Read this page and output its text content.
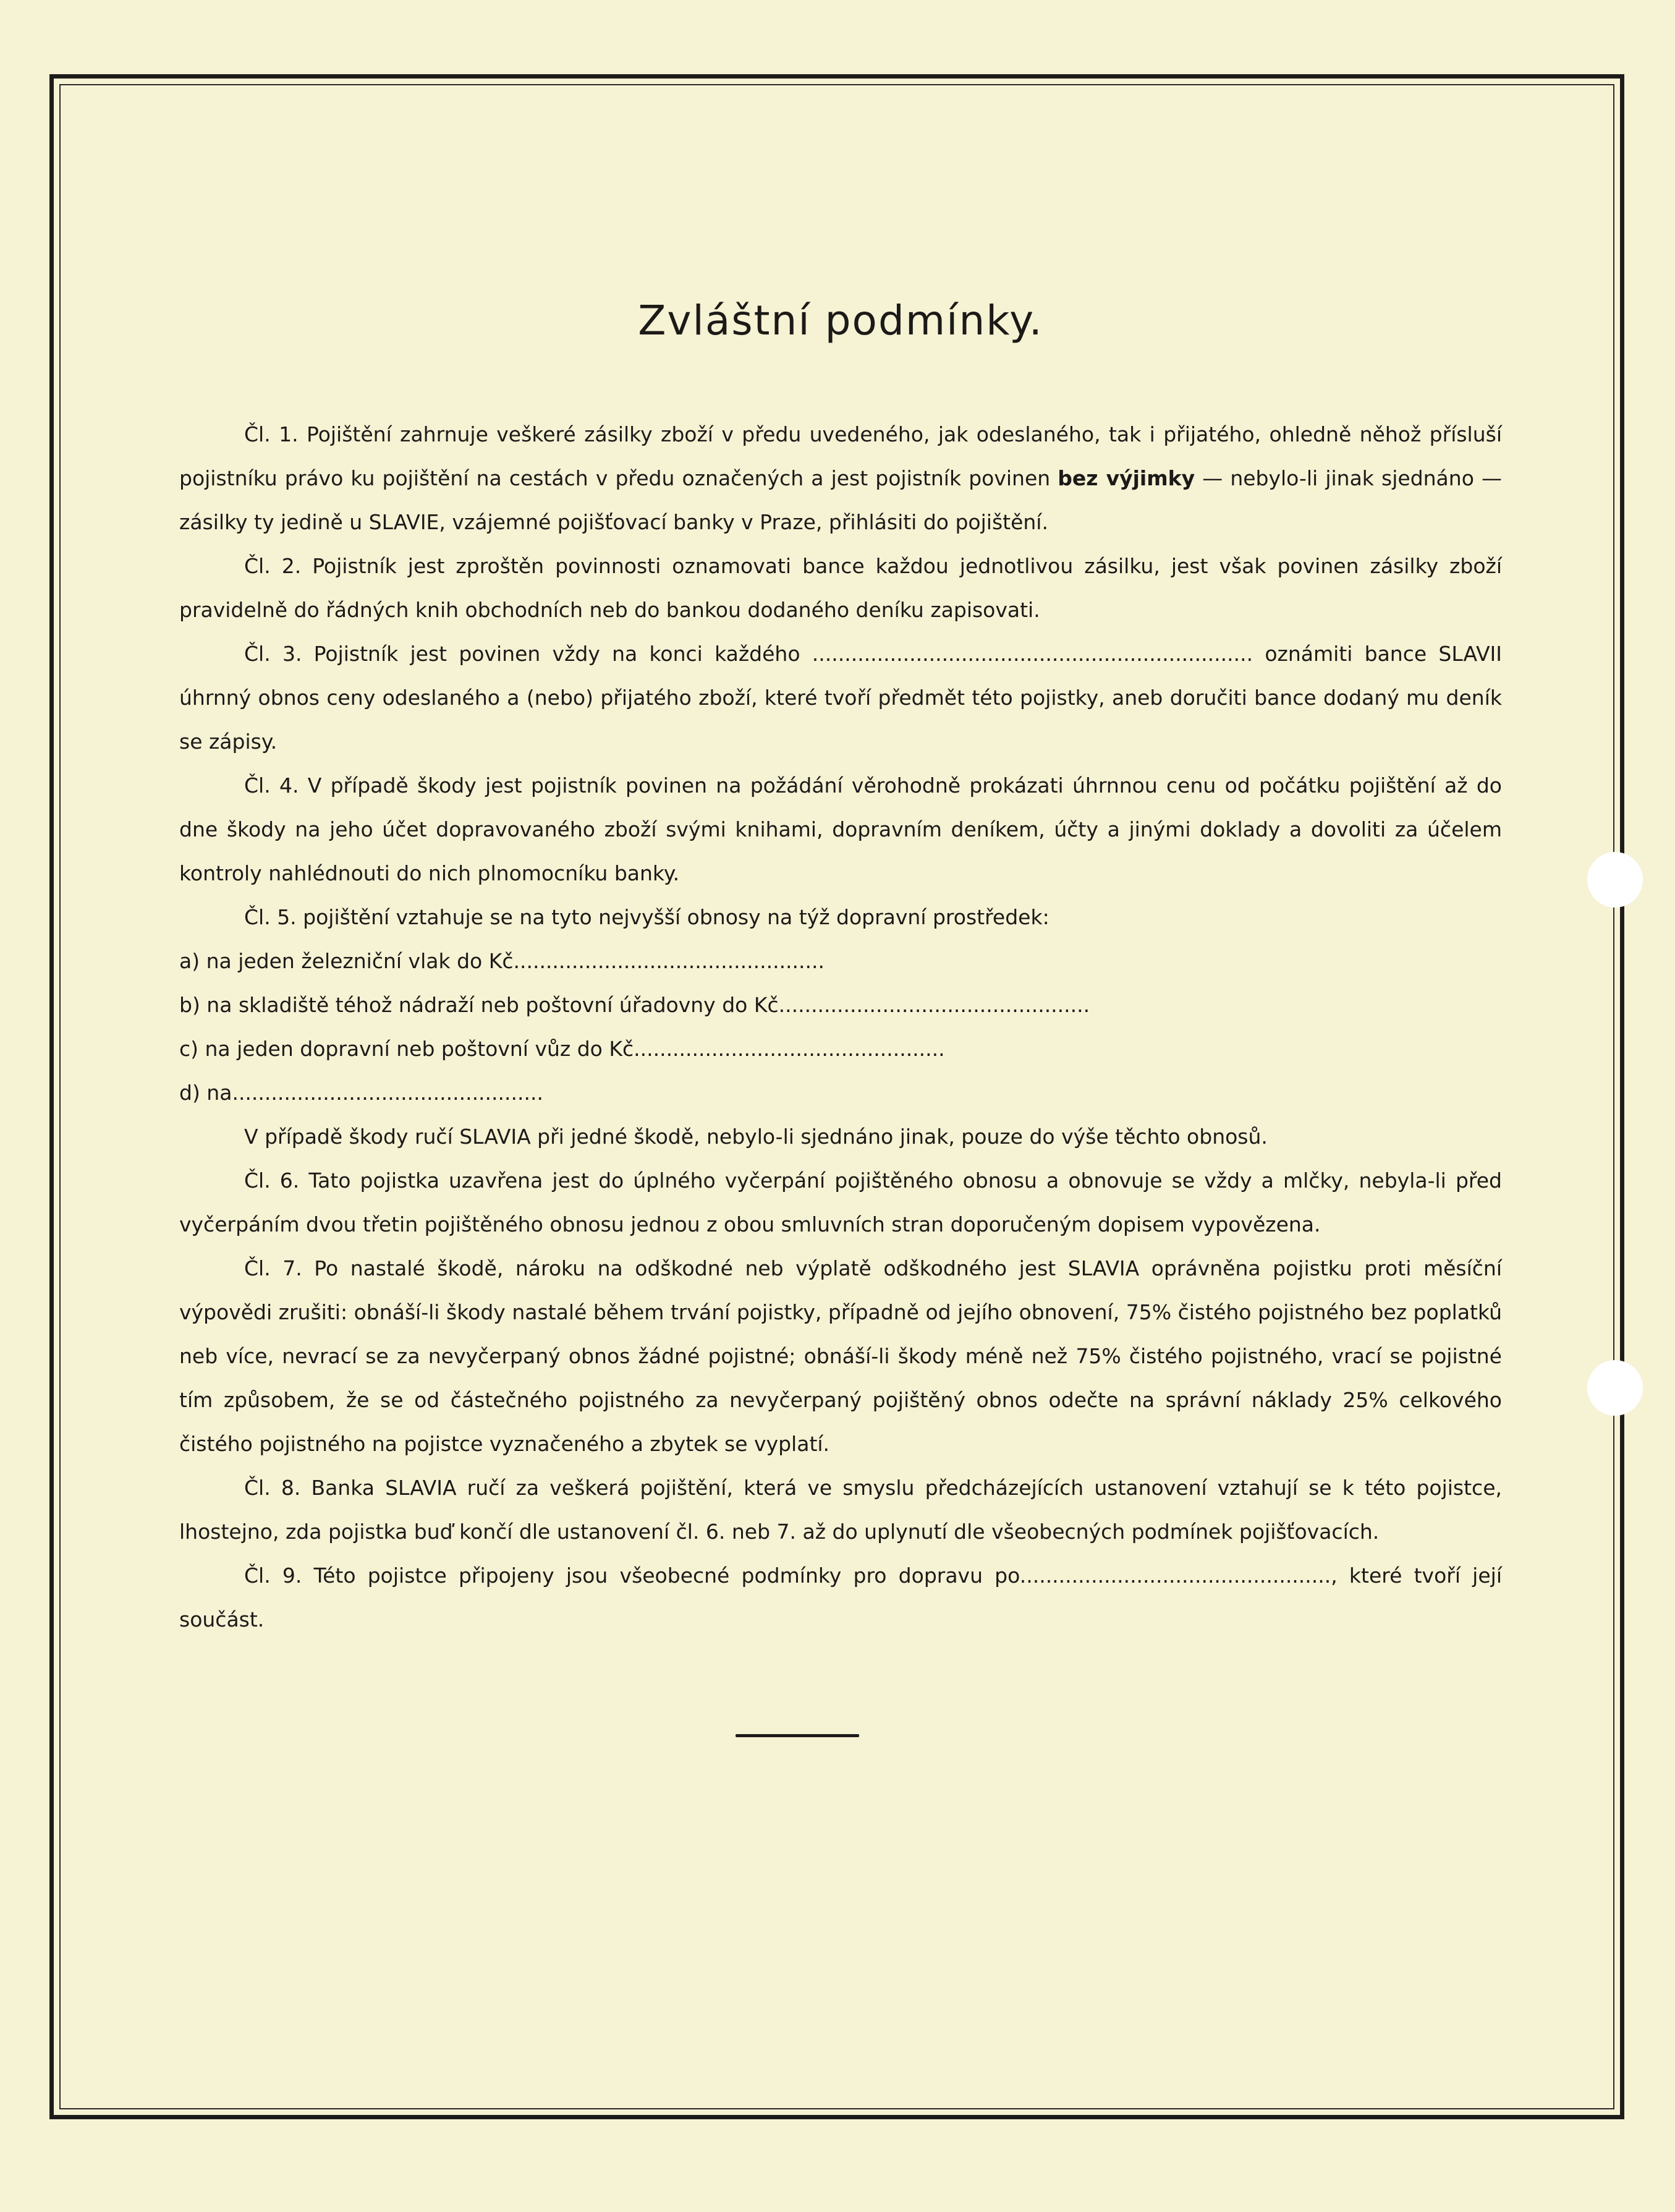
Zvláštní podmínky.

Čl. 1. Pojištění zahrnuje veškeré zásilky zboží v předu uvedeného, jak odeslaného, tak i přijatého, ohledně něhož přísluší pojistníku právo ku pojištění na cestách v předu označených a jest pojistník povinen bez výjimky — nebylo-li jinak sjednáno — zásilky ty jedině u SLAVIE, vzájemné pojišťovací banky v Praze, přihlásiti do pojištění.

Čl. 2. Pojistník jest zproštěn povinnosti oznamovati bance každou jednotlivou zásilku, jest však povinen zásilky zboží pravidelně do řádných knih obchodních neb do bankou dodaného deníku zapisovati.

Čl. 3. Pojistník jest povinen vždy na konci každého .................................................................... oznámiti bance SLAVII úhrnný obnos ceny odeslaného a (nebo) přijatého zboží, které tvoří předmět této pojistky, aneb doručiti bance dodaný mu deník se zápisy.

Čl. 4. V případě škody jest pojistník povinen na požádání věrohodně prokázati úhrnnou cenu od počátku pojištění až do dne škody na jeho účet dopravovaného zboží svými knihami, dopravním deníkem, účty a jinými doklady a dovoliti za účelem kontroly nahlédnouti do nich plnomocníku banky.

Čl. 5. pojištění vztahuje se na tyto nejvyšší obnosy na týž dopravní prostředek:

a) na jeden železniční vlak do Kč................................................

b) na skladiště téhož nádraží neb poštovní úřadovny do Kč................................................

c) na jeden dopravní neb poštovní vůz do Kč................................................

d) na................................................

V případě škody ručí SLAVIA při jedné škodě, nebylo-li sjednáno jinak, pouze do výše těchto obnosů.

Čl. 6. Tato pojistka uzavřena jest do úplného vyčerpání pojištěného obnosu a obnovuje se vždy a mlčky, nebyla-li před vyčerpáním dvou třetin pojištěného obnosu jednou z obou smluvních stran doporučeným dopisem vypovězena.

Čl. 7. Po nastalé škodě, nároku na odškodné neb výplatě odškodného jest SLAVIA oprávněna pojistku proti měsíční výpovědi zrušiti: obnáší-li škody nastalé během trvání pojistky, případně od jejího obnovení, 75% čistého pojistného bez poplatků neb více, nevrací se za nevyčerpaný obnos žádné pojistné; obnáší-li škody méně než 75% čistého pojistného, vrací se pojistné tím způsobem, že se od částečného pojistného za nevyčerpaný pojištěný obnos odečte na správní náklady 25% celkového čistého pojistného na pojistce vyznačeného a zbytek se vyplatí.

Čl. 8. Banka SLAVIA ručí za veškerá pojištění, která ve smyslu předcházejících ustanovení vztahují se k této pojistce, lhostejno, zda pojistka buď končí dle ustanovení čl. 6. neb 7. až do uplynutí dle všeobecných podmínek pojišťovacích.

Čl. 9. Této pojistce připojeny jsou všeobecné podmínky pro dopravu po................................................, které tvoří její součást.
